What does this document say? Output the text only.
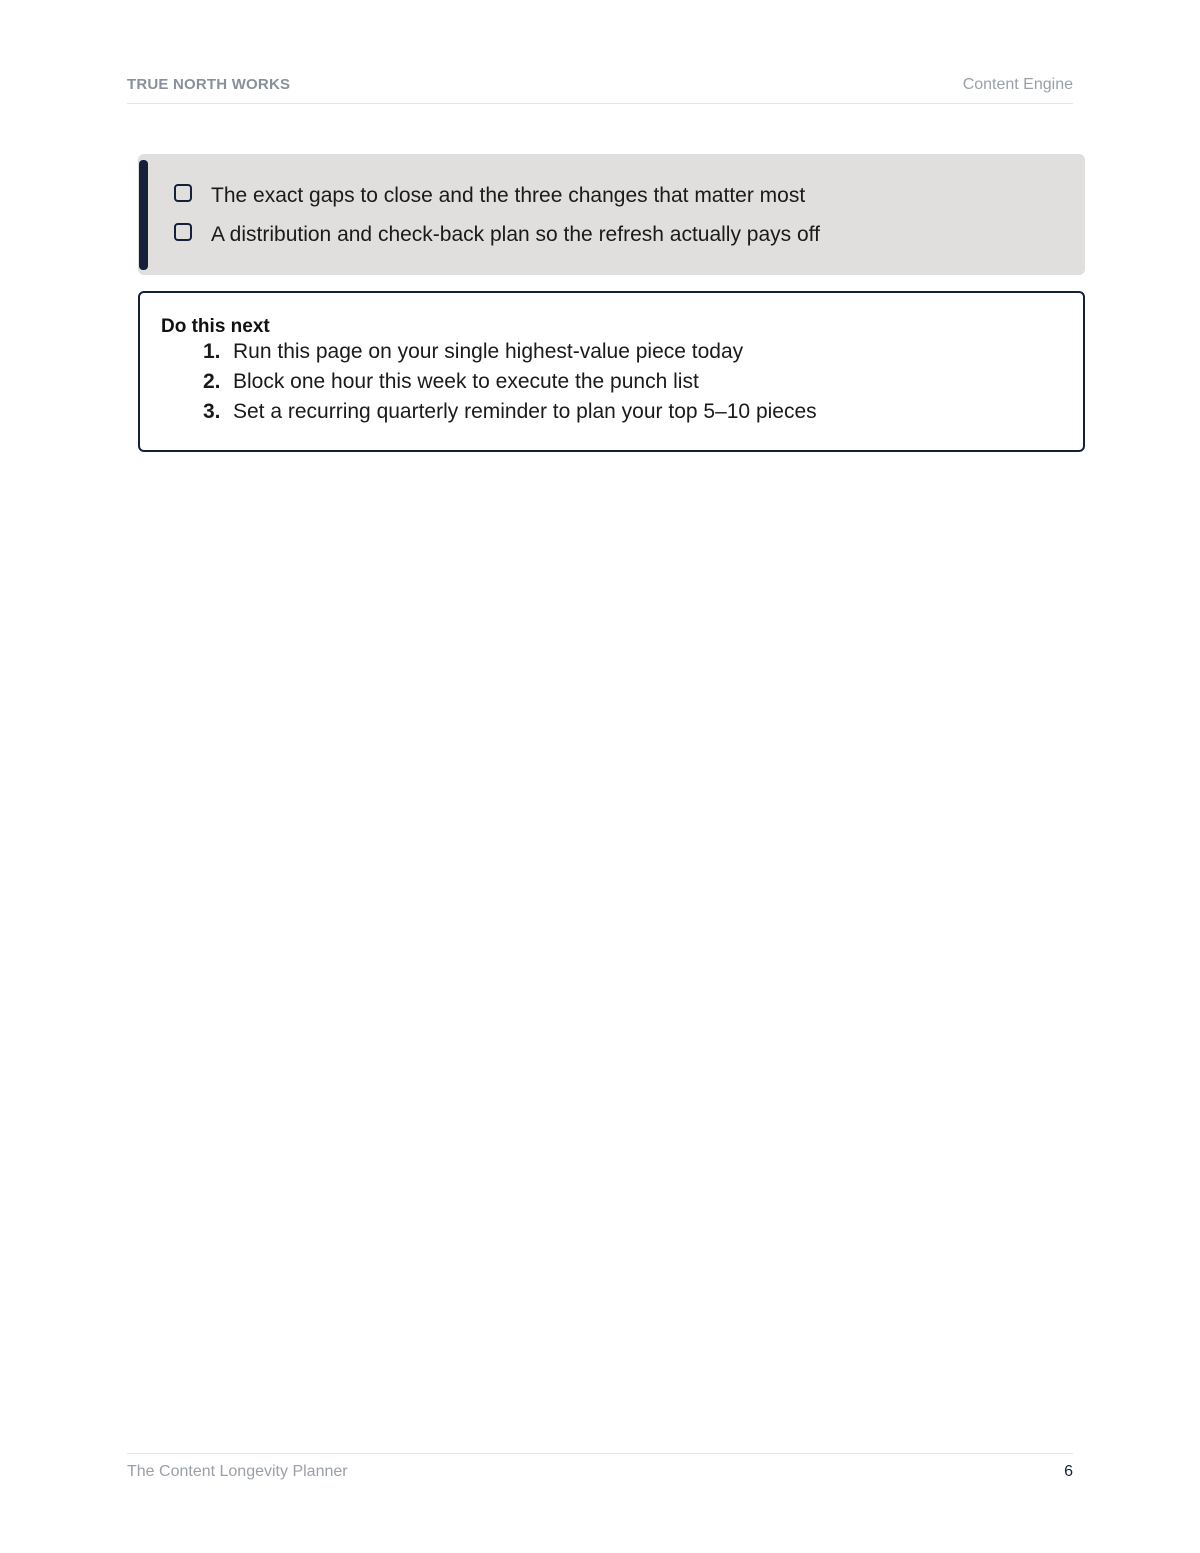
TRUE NORTH WORKS	Content Engine
The exact gaps to close and the three changes that matter most
A distribution and check-back plan so the refresh actually pays off
Do this next
1. Run this page on your single highest-value piece today
2. Block one hour this week to execute the punch list
3. Set a recurring quarterly reminder to plan your top 5–10 pieces
The Content Longevity Planner	6
